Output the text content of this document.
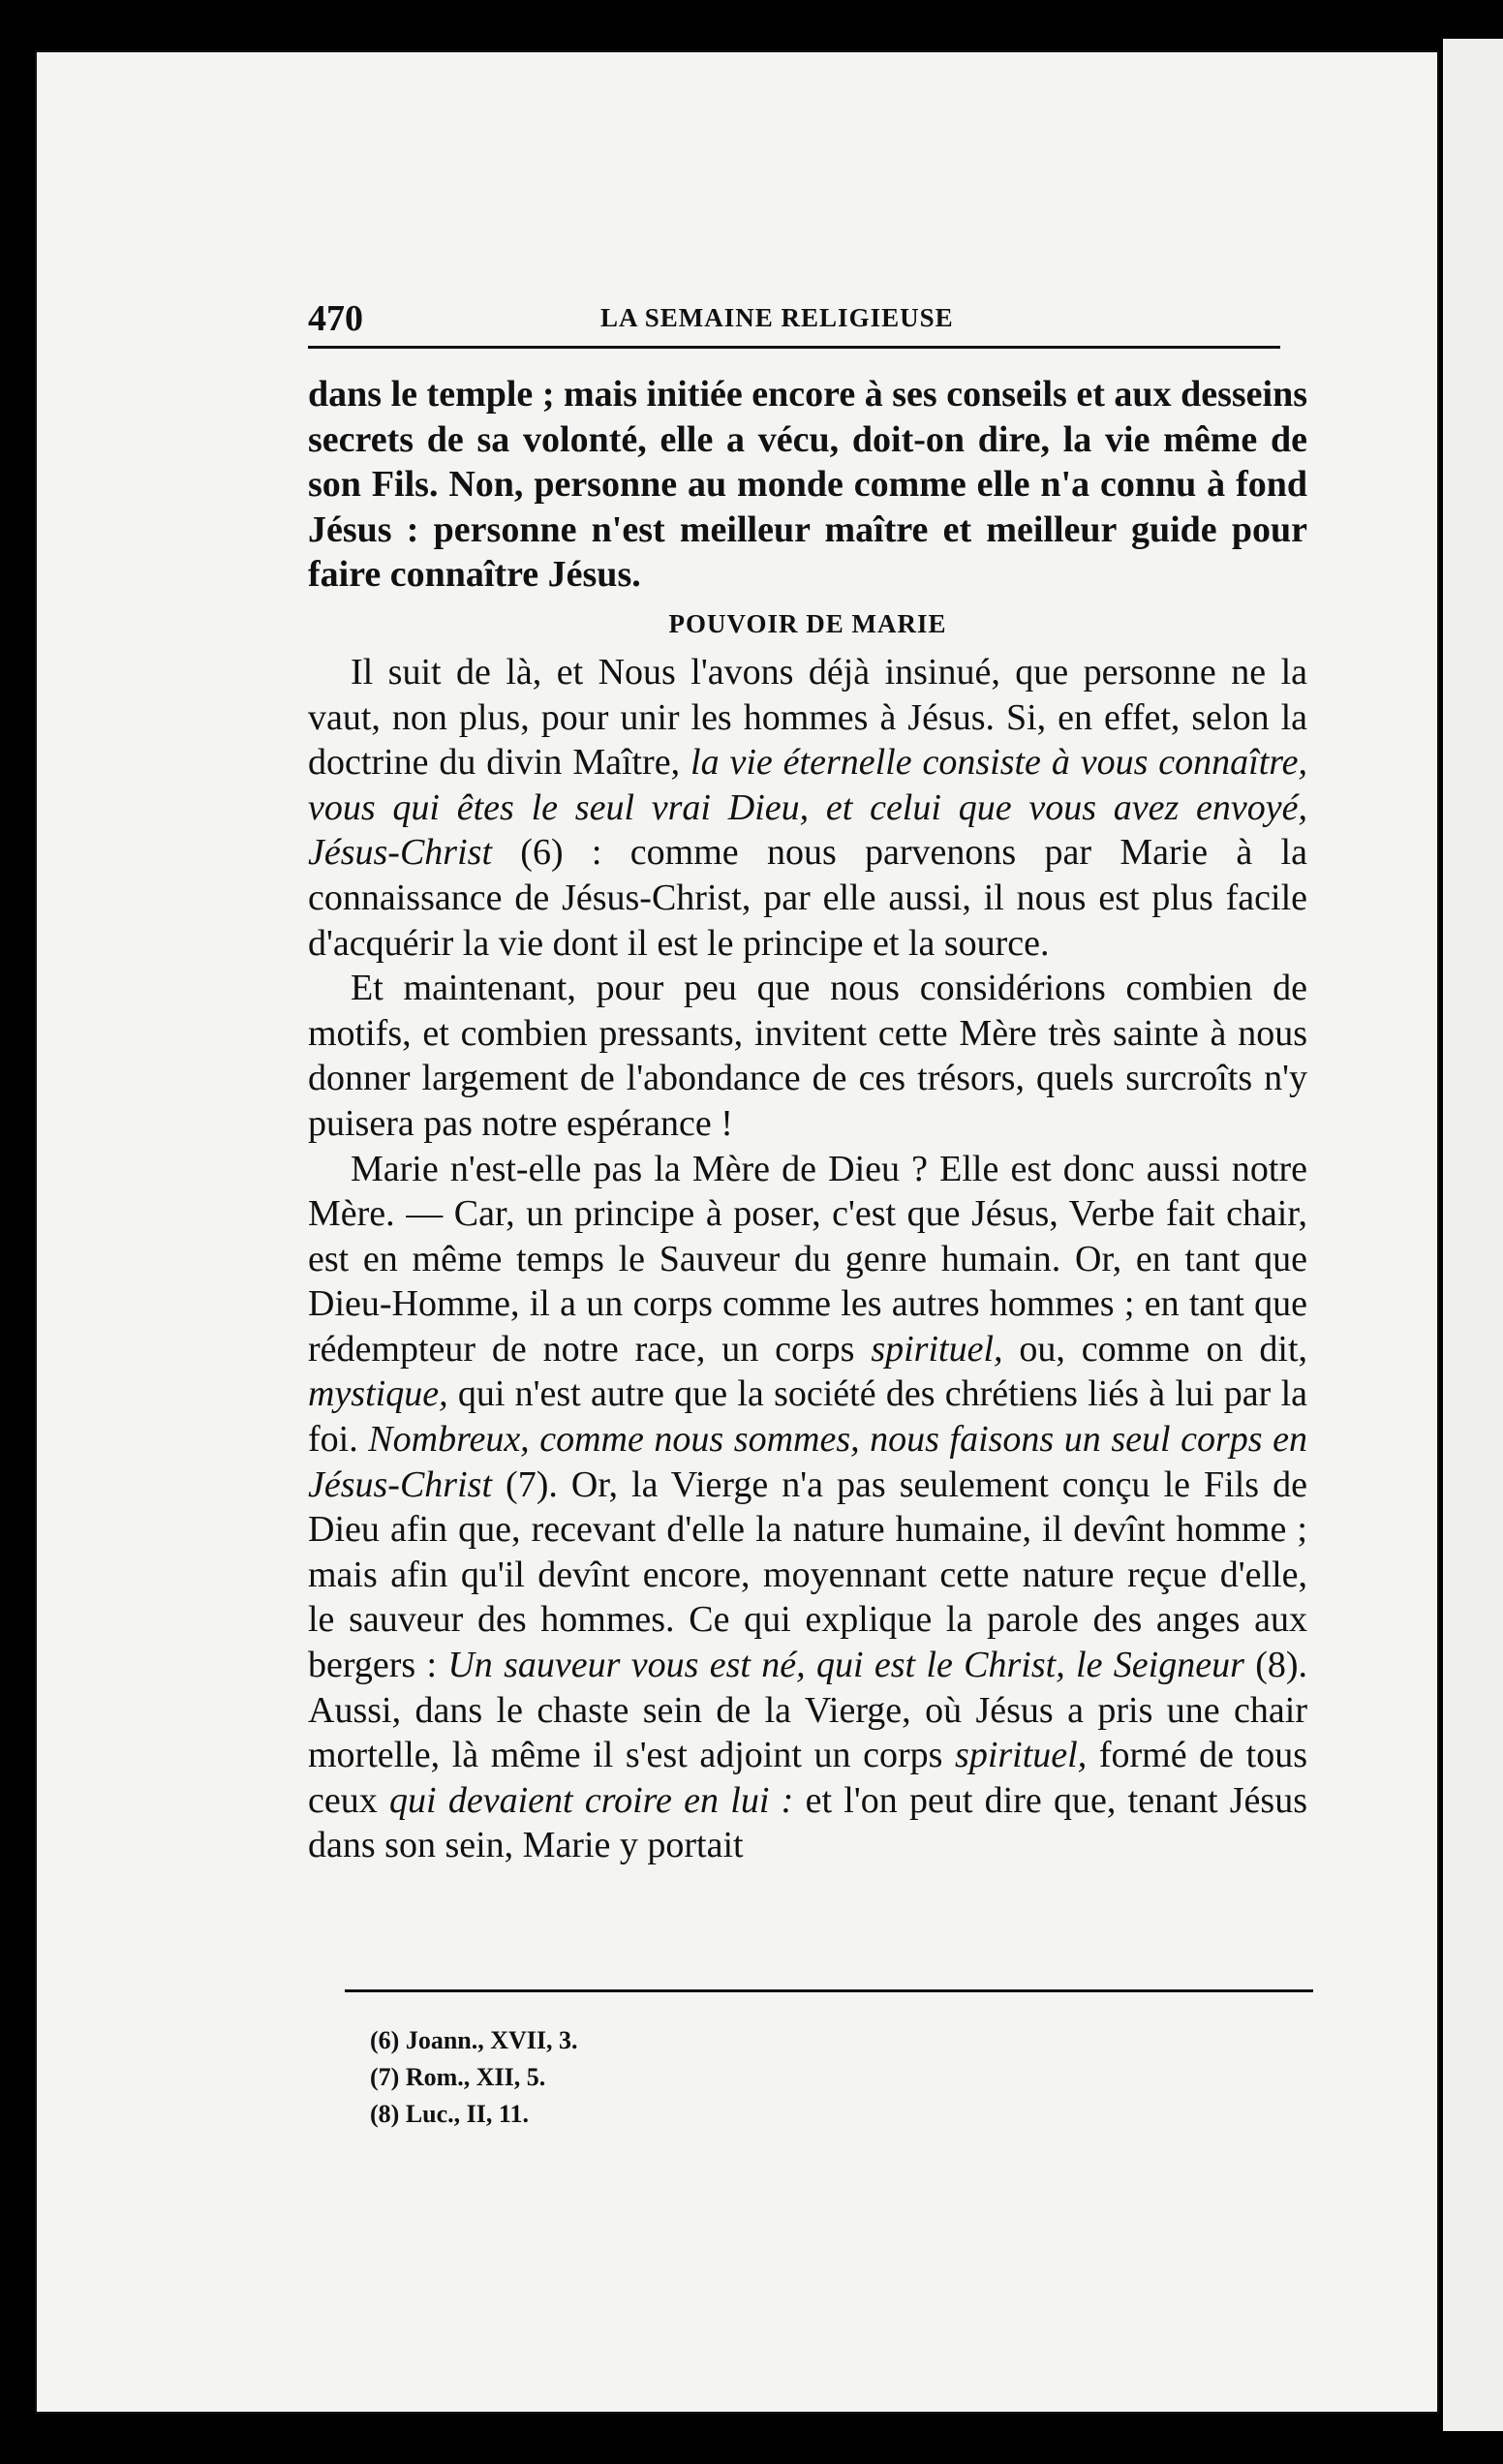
470	LA SEMAINE RELIGIEUSE

dans le temple ; mais initiée encore à ses conseils et aux desseins secrets de sa volonté, elle a vécu, doit-on dire, la vie même de son Fils. Non, personne au monde comme elle n'a connu à fond Jésus : personne n'est meilleur maître et meilleur guide pour faire connaître Jésus.

POUVOIR DE MARIE

Il suit de là, et Nous l'avons déjà insinué, que personne ne la vaut, non plus, pour unir les hommes à Jésus. Si, en effet, selon la doctrine du divin Maître, la vie éternelle consiste à vous connaître, vous qui êtes le seul vrai Dieu, et celui que vous avez envoyé, Jésus-Christ (6) : comme nous parvenons par Marie à la connaissance de Jésus-Christ, par elle aussi, il nous est plus facile d'acquérir la vie dont il est le principe et la source.

Et maintenant, pour peu que nous considérions combien de motifs, et combien pressants, invitent cette Mère très sainte à nous donner largement de l'abondance de ces trésors, quels surcroîts n'y puisera pas notre espérance !

Marie n'est-elle pas la Mère de Dieu ? Elle est donc aussi notre Mère. — Car, un principe à poser, c'est que Jésus, Verbe fait chair, est en même temps le Sauveur du genre humain. Or, en tant que Dieu-Homme, il a un corps comme les autres hommes ; en tant que rédempteur de notre race, un corps spirituel, ou, comme on dit, mystique, qui n'est autre que la société des chrétiens liés à lui par la foi. Nombreux, comme nous sommes, nous faisons un seul corps en Jésus-Christ (7). Or, la Vierge n'a pas seulement conçu le Fils de Dieu afin que, recevant d'elle la nature humaine, il devînt homme ; mais afin qu'il devînt encore, moyennant cette nature reçue d'elle, le sauveur des hommes. Ce qui explique la parole des anges aux bergers : Un sauveur vous est né, qui est le Christ, le Seigneur (8). Aussi, dans le chaste sein de la Vierge, où Jésus a pris une chair mortelle, là même il s'est adjoint un corps spirituel, formé de tous ceux qui devaient croire en lui : et l'on peut dire que, tenant Jésus dans son sein, Marie y portait

(6) Joann., XVII, 3.
(7) Rom., XII, 5.
(8) Luc., II, 11.
